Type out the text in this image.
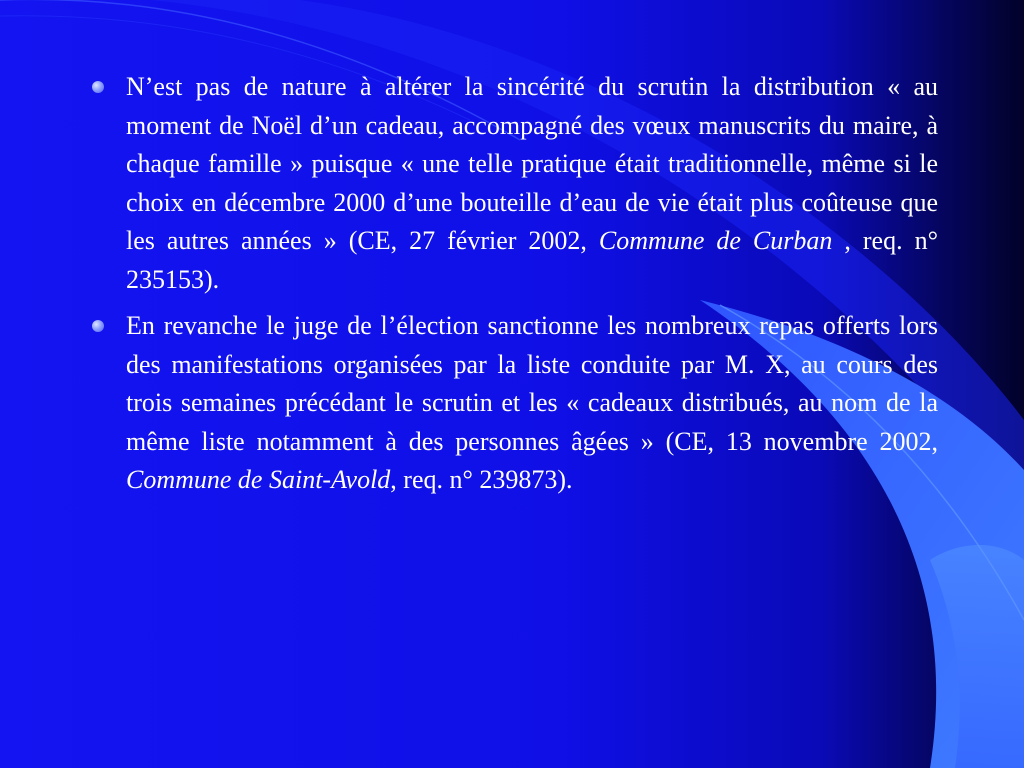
N’est pas de nature à altérer la sincérité du scrutin la distribution « au moment de Noël d’un cadeau, accompagné des vœux manuscrits du maire, à chaque famille » puisque « une telle pratique était traditionnelle, même si le choix en décembre 2000 d’une bouteille d’eau de vie était plus coûteuse que les autres années » (CE, 27 février 2002, Commune de Curban , req. n° 235153).
En revanche le juge de l’élection sanctionne les nombreux repas offerts lors des manifestations organisées par la liste conduite par M. X, au cours des trois semaines précédant le scrutin et les « cadeaux distribués, au nom de la même liste notamment à des personnes âgées » (CE, 13 novembre 2002, Commune de Saint-Avold, req. n° 239873).
